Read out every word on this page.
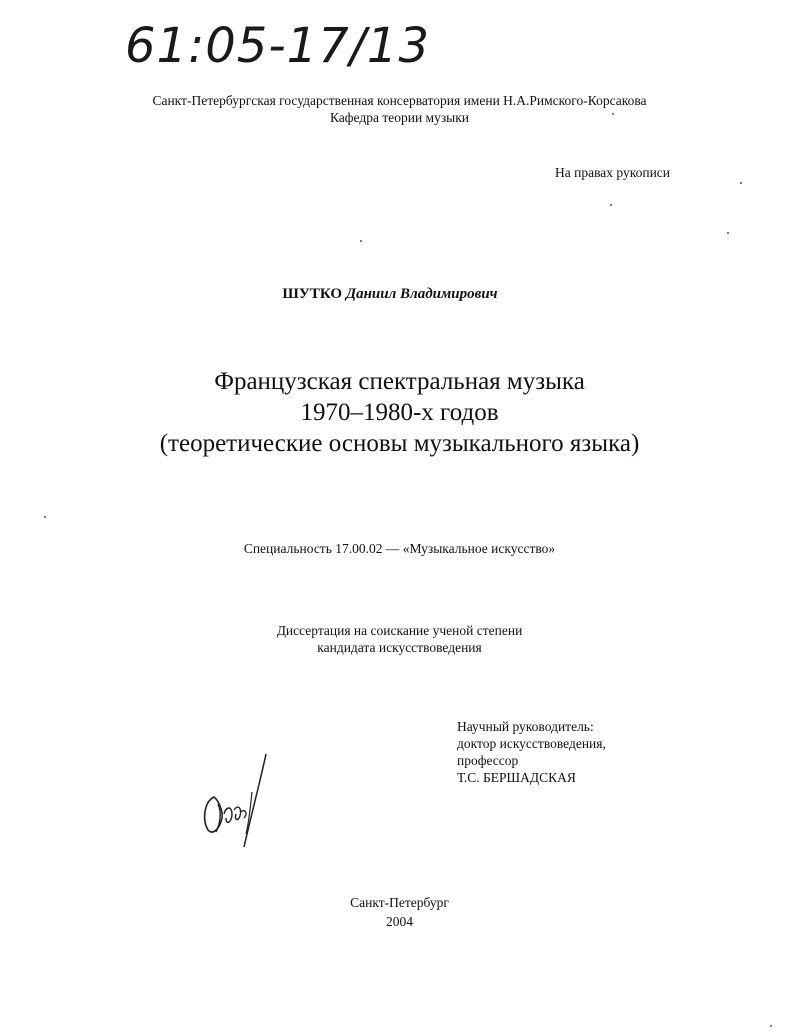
61:05-17/13
Санкт-Петербургская государственная консерватория имени Н.А.Римского-Корсакова
Кафедра теории музыки
На правах рукописи
ШУТКО Даниил Владимирович
Французская спектральная музыка
1970–1980-х годов
(теоретические основы музыкального языка)
Специальность 17.00.02 — «Музыкальное искусство»
Диссертация на соискание ученой степени
кандидата искусствоведения
Научный руководитель:
доктор искусствоведения,
профессор
Т.С. БЕРШАДСКАЯ
Санкт-Петербург
2004
